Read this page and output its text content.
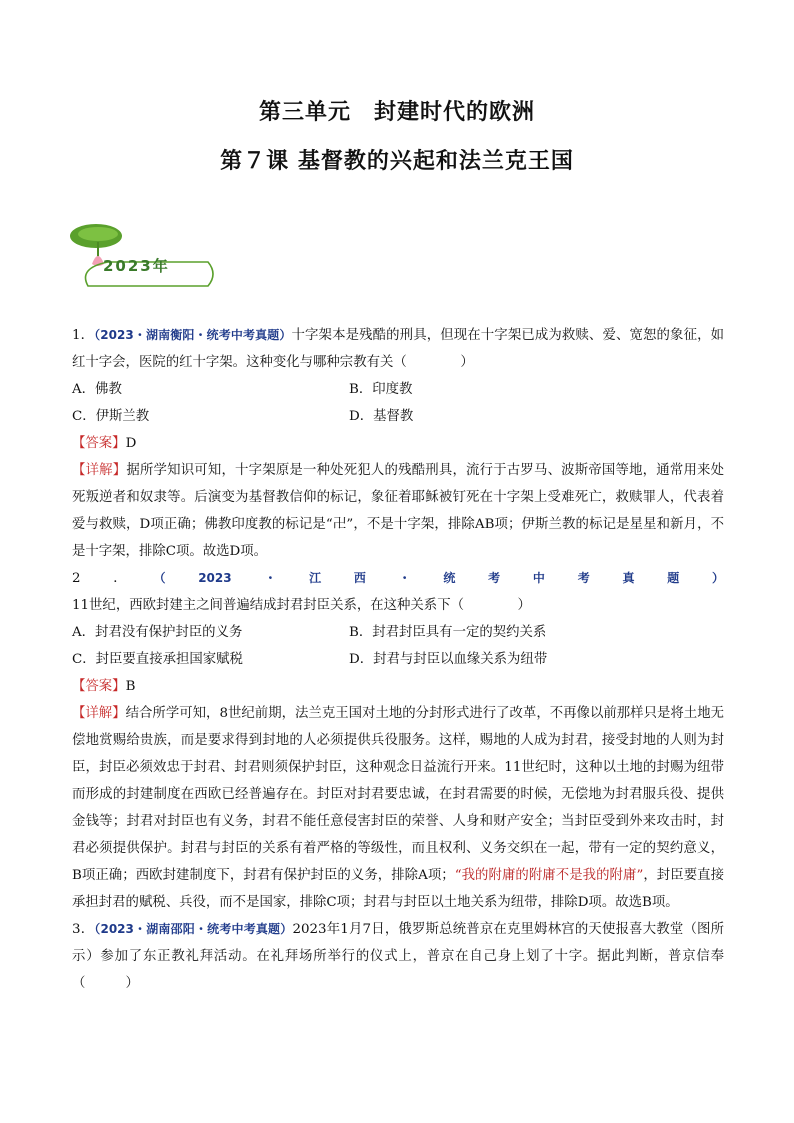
第三单元　封建时代的欧洲
第７课 基督教的兴起和法兰克王国
2023年

1．（2023・湖南衡阳・统考中考真题）十字架本是残酷的刑具，但现在十字架已成为救赎、爱、宽恕的象征，如红十字会，医院的红十字架。这种变化与哪种宗教有关（　　　　）

A．佛教	B．印度教
C．伊斯兰教	D．基督教

【答案】D

【详解】据所学知识可知，十字架原是一种处死犯人的残酷刑具，流行于古罗马、波斯帝国等地，通常用来处死叛逆者和奴隶等。后演变为基督教信仰的标记，象征着耶稣被钉死在十字架上受难死亡，救赎罪人，代表着爱与救赎，D项正确；佛教印度教的标记是“卍”，不是十字架，排除AB项；伊斯兰教的标记是星星和新月，不是十字架，排除C项。故选D项。

2．（2023・江西・统考中考真题）11世纪，西欧封建主之间普遍结成封君封臣关系，在这种关系下（　　　　）

A．封君没有保护封臣的义务	B．封君封臣具有一定的契约关系
C．封臣要直接承担国家赋税	D．封君与封臣以血缘关系为纽带

【答案】B

【详解】结合所学可知，8世纪前期，法兰克王国对土地的分封形式进行了改革，不再像以前那样只是将土地无偿地赏赐给贵族，而是要求得到封地的人必须提供兵役服务。这样，赐地的人成为封君，接受封地的人则为封臣，封臣必须效忠于封君、封君则须保护封臣，这种观念日益流行开来。11世纪时，这种以土地的封赐为纽带而形成的封建制度在西欧已经普遍存在。封臣对封君要忠诚，在封君需要的时候，无偿地为封君服兵役、提供金钱等；封君对封臣也有义务，封君不能任意侵害封臣的荣誉、人身和财产安全；当封臣受到外来攻击时，封君必须提供保护。封君与封臣的关系有着严格的等级性，而且权利、义务交织在一起，带有一定的契约意义，B项正确；西欧封建制度下，封君有保护封臣的义务，排除A项；“我的附庸的附庸不是我的附庸”，封臣要直接承担封君的赋税、兵役，而不是国家，排除C项；封君与封臣以土地关系为纽带，排除D项。故选B项。

3．（2023・湖南邵阳・统考中考真题）2023年1月7日，俄罗斯总统普京在克里姆林宫的天使报喜大教堂（图所示）参加了东正教礼拜活动。在礼拜场所举行的仪式上，普京在自己身上划了十字。据此判断，普京信奉（　　　）
